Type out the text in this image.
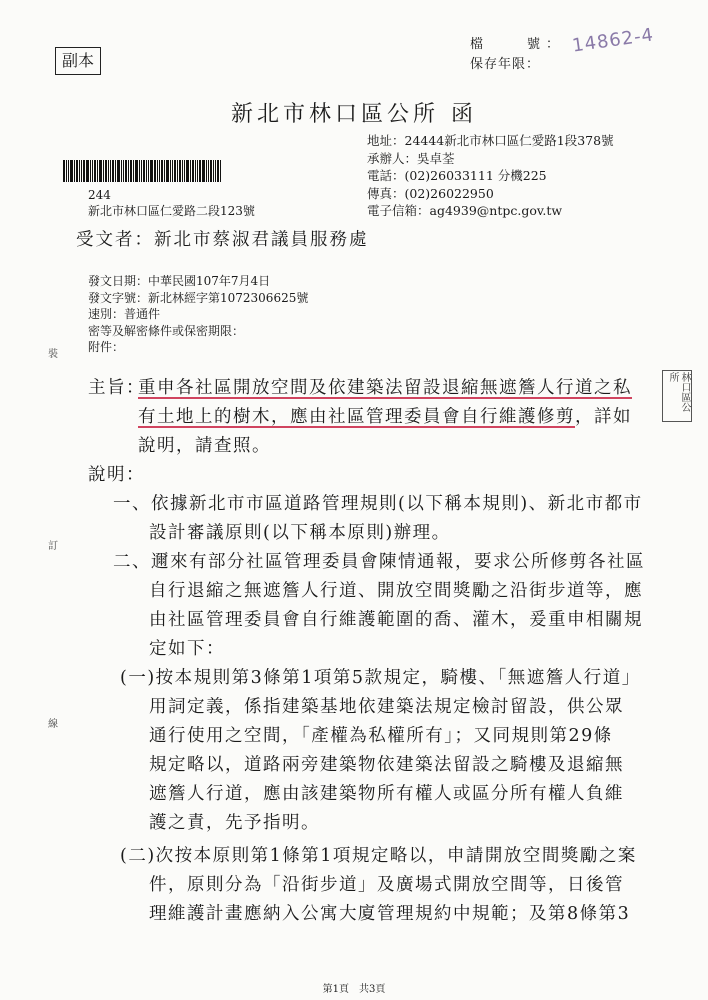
副本
14862-4
檔　　號：
保存年限：
新北市林口區公所 函
地址：24444新北市林口區仁愛路1段378號
承辦人：吳卓荃
電話：(02)26033111 分機225
傳真：(02)26022950
電子信箱：ag4939@ntpc.gov.tw
244
新北市林口區仁愛路二段123號
受文者：新北市蔡淑君議員服務處
發文日期：中華民國107年7月4日
發文字號：新北林經字第1072306625號
速別：普通件
密等及解密條件或保密期限：
附件：
裝
訂
線
林口區公所
主旨：
重申各社區開放空間及依建築法留設退縮無遮簷人行道之私
有土地上的樹木，應由社區管理委員會自行維護修剪，詳如
說明，請查照。
說明：
一、依據新北市市區道路管理規則(以下稱本規則)、新北市都市
設計審議原則(以下稱本原則)辦理。
二、邇來有部分社區管理委員會陳情通報，要求公所修剪各社區
自行退縮之無遮簷人行道、開放空間獎勵之沿街步道等，應
由社區管理委員會自行維護範圍的喬、灌木，爰重申相關規
定如下：
(一)按本規則第3條第1項第5款規定，騎樓、「無遮簷人行道」
用詞定義，係指建築基地依建築法規定檢討留設，供公眾
通行使用之空間，「產權為私權所有」；又同規則第29條
規定略以，道路兩旁建築物依建築法留設之騎樓及退縮無
遮簷人行道，應由該建築物所有權人或區分所有權人負維
護之責，先予指明。
(二)次按本原則第1條第1項規定略以，申請開放空間獎勵之案
件，原則分為「沿街步道」及廣場式開放空間等，日後管
理維護計畫應納入公寓大廈管理規約中規範；及第8條第3
第1頁　共3頁
